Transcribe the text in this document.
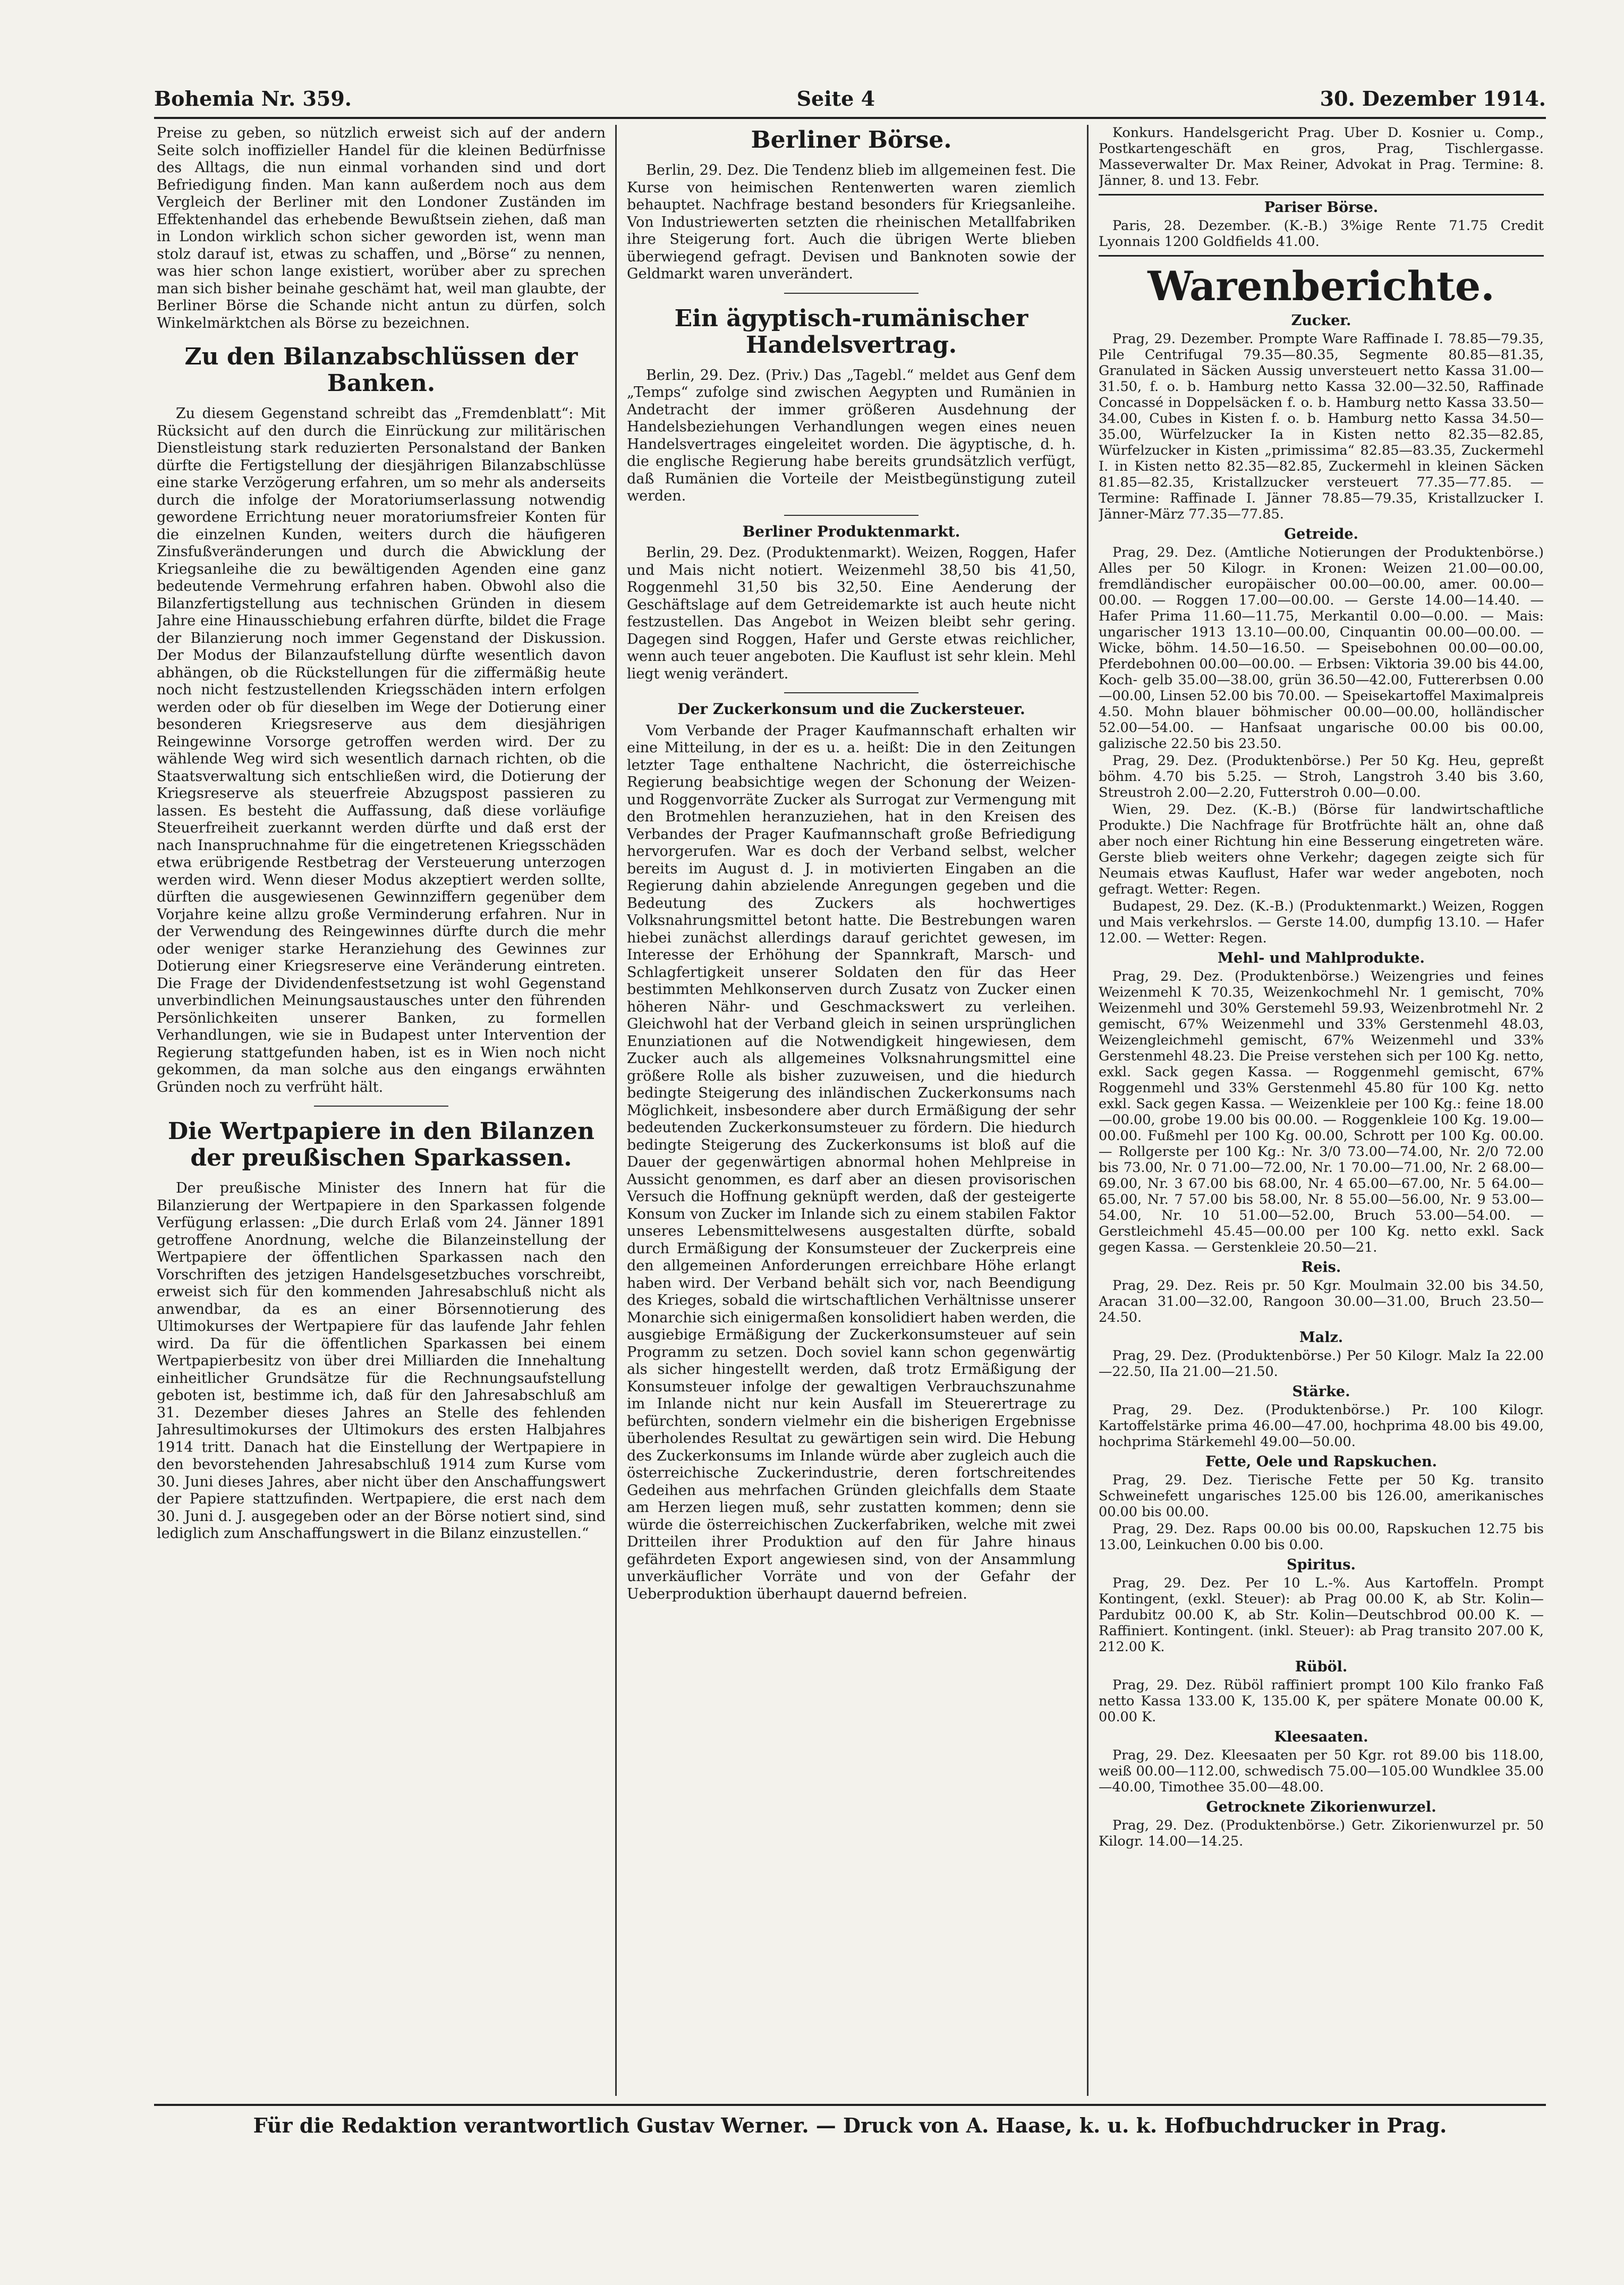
Bohemia Nr. 359.	Seite 4	30. Dezember 1914.

Preise zu geben, so nützlich erweist sich auf der andern Seite solch inoffizieller Handel für die kleinen Bedürfnisse des Alltags, die nun einmal vorhanden sind und dort Befriedigung finden. Man kann außerdem noch aus dem Vergleich der Berliner mit den Londoner Zuständen im Effektenhandel das erhebende Bewußtsein ziehen, daß man in London wirklich schon sicher geworden ist, wenn man stolz darauf ist, etwas zu schaffen, und „Börse“ zu nennen, was hier schon lange existiert, worüber aber zu sprechen man sich bisher beinahe geschämt hat, weil man glaubte, der Berliner Börse die Schande nicht antun zu dürfen, solch Winkelmärktchen als Börse zu bezeichnen.

Zu den Bilanzabschlüssen der Banken.

Zu diesem Gegenstand schreibt das „Fremdenblatt“: Mit Rücksicht auf den durch die Einrückung zur militärischen Dienstleistung stark reduzierten Personalstand der Banken dürfte die Fertigstellung der diesjährigen Bilanzabschlüsse eine starke Verzögerung erfahren, um so mehr als anderseits durch die infolge der Moratoriumserlassung notwendig gewordene Errichtung neuer moratoriumsfreier Konten für die einzelnen Kunden, weiters durch die häufigeren Zinsfußveränderungen und durch die Abwicklung der Kriegsanleihe die zu bewältigenden Agenden eine ganz bedeutende Vermehrung erfahren haben. Obwohl also die Bilanzfertigstellung aus technischen Gründen in diesem Jahre eine Hinausschiebung erfahren dürfte, bildet die Frage der Bilanzierung noch immer Gegenstand der Diskussion. Der Modus der Bilanzaufstellung dürfte wesentlich davon abhängen, ob die Rückstellungen für die ziffermäßig heute noch nicht festzustellenden Kriegsschäden intern erfolgen werden oder ob für dieselben im Wege der Dotierung einer besonderen Kriegsreserve aus dem diesjährigen Reingewinne Vorsorge getroffen werden wird. Der zu wählende Weg wird sich wesentlich darnach richten, ob die Staatsverwaltung sich entschließen wird, die Dotierung der Kriegsreserve als steuerfreie Abzugspost passieren zu lassen. Es besteht die Auffassung, daß diese vorläufige Steuerfreiheit zuerkannt werden dürfte und daß erst der nach Inanspruchnahme für die eingetretenen Kriegsschäden etwa erübrigende Restbetrag der Versteuerung unterzogen werden wird. Wenn dieser Modus akzeptiert werden sollte, dürften die ausgewiesenen Gewinnziffern gegenüber dem Vorjahre keine allzu große Verminderung erfahren. Nur in der Verwendung des Reingewinnes dürfte durch die mehr oder weniger starke Heranziehung des Gewinnes zur Dotierung einer Kriegsreserve eine Veränderung eintreten. Die Frage der Dividendenfestsetzung ist wohl Gegenstand unverbindlichen Meinungsaustausches unter den führenden Persönlichkeiten unserer Banken, zu formellen Verhandlungen, wie sie in Budapest unter Intervention der Regierung stattgefunden haben, ist es in Wien noch nicht gekommen, da man solche aus den eingangs erwähnten Gründen noch zu verfrüht hält.

Die Wertpapiere in den Bilanzen der preußischen Sparkassen.

Der preußische Minister des Innern hat für die Bilanzierung der Wertpapiere in den Sparkassen folgende Verfügung erlassen: „Die durch Erlaß vom 24. Jänner 1891 getroffene Anordnung, welche die Bilanzeinstellung der Wertpapiere der öffentlichen Sparkassen nach den Vorschriften des jetzigen Handelsgesetzbuches vorschreibt, erweist sich für den kommenden Jahresabschluß nicht als anwendbar, da es an einer Börsennotierung des Ultimokurses der Wertpapiere für das laufende Jahr fehlen wird. Da für die öffentlichen Sparkassen bei einem Wertpapierbesitz von über drei Milliarden die Innehaltung einheitlicher Grundsätze für die Rechnungsaufstellung geboten ist, bestimme ich, daß für den Jahresabschluß am 31. Dezember dieses Jahres an Stelle des fehlenden Jahresultimokurses der Ultimokurs des ersten Halbjahres 1914 tritt. Danach hat die Einstellung der Wertpapiere in den bevorstehenden Jahresabschluß 1914 zum Kurse vom 30. Juni dieses Jahres, aber nicht über den Anschaffungswert der Papiere stattzufinden. Wertpapiere, die erst nach dem 30. Juni d. J. ausgegeben oder an der Börse notiert sind, sind lediglich zum Anschaffungswert in die Bilanz einzustellen.“

Berliner Börse.

Berlin, 29. Dez. Die Tendenz blieb im allgemeinen fest. Die Kurse von heimischen Rentenwerten waren ziemlich behauptet. Nachfrage bestand besonders für Kriegsanleihe. Von Industriewerten setzten die rheinischen Metallfabriken ihre Steigerung fort. Auch die übrigen Werte blieben überwiegend gefragt. Devisen und Banknoten sowie der Geldmarkt waren unverändert.

Ein ägyptisch-rumänischer Handelsvertrag.

Berlin, 29. Dez. (Priv.) Das „Tagebl.“ meldet aus Genf dem „Temps“ zufolge sind zwischen Aegypten und Rumänien in Andetracht der immer größeren Ausdehnung der Handelsbeziehungen Verhandlungen wegen eines neuen Handelsvertrages eingeleitet worden. Die ägyptische, d. h. die englische Regierung habe bereits grundsätzlich verfügt, daß Rumänien die Vorteile der Meistbegünstigung zuteil werden.

Berliner Produktenmarkt.

Berlin, 29. Dez. (Produktenmarkt). Weizen, Roggen, Hafer und Mais nicht notiert. Weizenmehl 38,50 bis 41,50, Roggenmehl 31,50 bis 32,50. Eine Aenderung der Geschäftslage auf dem Getreidemarkte ist auch heute nicht festzustellen. Das Angebot in Weizen bleibt sehr gering. Dagegen sind Roggen, Hafer und Gerste etwas reichlicher, wenn auch teuer angeboten. Die Kauflust ist sehr klein. Mehl liegt wenig verändert.

Der Zuckerkonsum und die Zuckersteuer.

Vom Verbande der Prager Kaufmannschaft erhalten wir eine Mitteilung, in der es u. a. heißt: Die in den Zeitungen letzter Tage enthaltene Nachricht, die österreichische Regierung beabsichtige wegen der Schonung der Weizen- und Roggenvorräte Zucker als Surrogat zur Vermengung mit den Brotmehlen heranzuziehen, hat in den Kreisen des Verbandes der Prager Kaufmannschaft große Befriedigung hervorgerufen. War es doch der Verband selbst, welcher bereits im August d. J. in motivierten Eingaben an die Regierung dahin abzielende Anregungen gegeben und die Bedeutung des Zuckers als hochwertiges Volksnahrungsmittel betont hatte. Die Bestrebungen waren hiebei zunächst allerdings darauf gerichtet gewesen, im Interesse der Erhöhung der Spannkraft, Marsch- und Schlagfertigkeit unserer Soldaten den für das Heer bestimmten Mehlkonserven durch Zusatz von Zucker einen höheren Nähr- und Geschmackswert zu verleihen. Gleichwohl hat der Verband gleich in seinen ursprünglichen Enunziationen auf die Notwendigkeit hingewiesen, dem Zucker auch als allgemeines Volksnahrungsmittel eine größere Rolle als bisher zuzuweisen, und die hiedurch bedingte Steigerung des inländischen Zuckerkonsums nach Möglichkeit, insbesondere aber durch Ermäßigung der sehr bedeutenden Zuckerkonsumsteuer zu fördern. Die hiedurch bedingte Steigerung des Zuckerkonsums ist bloß auf die Dauer der gegenwärtigen abnormal hohen Mehlpreise in Aussicht genommen, es darf aber an diesen provisorischen Versuch die Hoffnung geknüpft werden, daß der gesteigerte Konsum von Zucker im Inlande sich zu einem stabilen Faktor unseres Lebensmittelwesens ausgestalten dürfte, sobald durch Ermäßigung der Konsumsteuer der Zuckerpreis eine den allgemeinen Anforderungen erreichbare Höhe erlangt haben wird. Der Verband behält sich vor, nach Beendigung des Krieges, sobald die wirtschaftlichen Verhältnisse unserer Monarchie sich einigermaßen konsolidiert haben werden, die ausgiebige Ermäßigung der Zuckerkonsumsteuer auf sein Programm zu setzen. Doch soviel kann schon gegenwärtig als sicher hingestellt werden, daß trotz Ermäßigung der Konsumsteuer infolge der gewaltigen Verbrauchszunahme im Inlande nicht nur kein Ausfall im Steuerertrage zu befürchten, sondern vielmehr ein die bisherigen Ergebnisse überholendes Resultat zu gewärtigen sein wird. Die Hebung des Zuckerkonsums im Inlande würde aber zugleich auch die österreichische Zuckerindustrie, deren fortschreitendes Gedeihen aus mehrfachen Gründen gleichfalls dem Staate am Herzen liegen muß, sehr zustatten kommen; denn sie würde die österreichischen Zuckerfabriken, welche mit zwei Dritteilen ihrer Produktion auf den für Jahre hinaus gefährdeten Export angewiesen sind, von der Ansammlung unverkäuflicher Vorräte und von der Gefahr der Ueberproduktion überhaupt dauernd befreien.

Konkurs. Handelsgericht Prag. Uber D. Kosnier u. Comp., Postkartengeschäft en gros, Prag, Tischlergasse. Masseverwalter Dr. Max Reiner, Advokat in Prag. Termine: 8. Jänner, 8. und 13. Febr.

Pariser Börse.

Paris, 28. Dezember. (K.-B.) 3%ige Rente 71.75 Credit Lyonnais 1200 Goldfields 41.00.

Warenberichte.
Zucker.

Prag, 29. Dezember. Prompte Ware Raffinade I. 78.85—79.35, Pile Centrifugal 79.35—80.35, Segmente 80.85—81.35, Granulated in Säcken Aussig unversteuert netto Kassa 31.00—31.50, f. o. b. Hamburg netto Kassa 32.00—32.50, Raffinade Concassé in Doppelsäcken f. o. b. Hamburg netto Kassa 33.50—34.00, Cubes in Kisten f. o. b. Hamburg netto Kassa 34.50—35.00, Würfelzucker Ia in Kisten netto 82.35—82.85, Würfelzucker in Kisten „primissima“ 82.85—83.35, Zuckermehl I. in Kisten netto 82.35—82.85, Zuckermehl in kleinen Säcken 81.85—82.35, Kristallzucker versteuert 77.35—77.85. — Termine: Raffinade I. Jänner 78.85—79.35, Kristallzucker I. Jänner-März 77.35—77.85.

Getreide.

Prag, 29. Dez. (Amtliche Notierungen der Produktenbörse.) Alles per 50 Kilogr. in Kronen: Weizen 21.00—00.00, fremdländischer europäischer 00.00—00.00, amer. 00.00—00.00. — Roggen 17.00—00.00. — Gerste 14.00—14.40. — Hafer Prima 11.60—11.75, Merkantil 0.00—0.00. — Mais: ungarischer 1913 13.10—00.00, Cinquantin 00.00—00.00. — Wicke, böhm. 14.50—16.50. — Speisebohnen 00.00—00.00, Pferdebohnen 00.00—00.00. — Erbsen: Viktoria 39.00 bis 44.00, Koch- gelb 35.00—38.00, grün 36.50—42.00, Futtererbsen 0.00—00.00, Linsen 52.00 bis 70.00. — Speisekartoffel Maximalpreis 4.50. Mohn blauer böhmischer 00.00—00.00, holländischer 52.00—54.00. — Hanfsaat ungarische 00.00 bis 00.00, galizische 22.50 bis 23.50.

Prag, 29. Dez. (Produktenbörse.) Per 50 Kg. Heu, gepreßt böhm. 4.70 bis 5.25. — Stroh, Langstroh 3.40 bis 3.60, Streustroh 2.00—2.20, Futterstroh 0.00—0.00.

Wien, 29. Dez. (K.-B.) (Börse für landwirtschaftliche Produkte.) Die Nachfrage für Brotfrüchte hält an, ohne daß aber noch einer Richtung hin eine Besserung eingetreten wäre. Gerste blieb weiters ohne Verkehr; dagegen zeigte sich für Neumais etwas Kauflust, Hafer war weder angeboten, noch gefragt. Wetter: Regen.

Budapest, 29. Dez. (K.-B.) (Produktenmarkt.) Weizen, Roggen und Mais verkehrslos. — Gerste 14.00, dumpfig 13.10. — Hafer 12.00. — Wetter: Regen.

Mehl- und Mahlprodukte.

Prag, 29. Dez. (Produktenbörse.) Weizengries und feines Weizenmehl K 70.35, Weizenkochmehl Nr. 1 gemischt, 70% Weizenmehl und 30% Gerstemehl 59.93, Weizenbrotmehl Nr. 2 gemischt, 67% Weizenmehl und 33% Gerstenmehl 48.03, Weizengleichmehl gemischt, 67% Weizenmehl und 33% Gerstenmehl 48.23. Die Preise verstehen sich per 100 Kg. netto, exkl. Sack gegen Kassa. — Roggenmehl gemischt, 67% Roggenmehl und 33% Gerstenmehl 45.80 für 100 Kg. netto exkl. Sack gegen Kassa. — Weizenkleie per 100 Kg.: feine 18.00—00.00, grobe 19.00 bis 00.00. — Roggenkleie 100 Kg. 19.00—00.00. Fußmehl per 100 Kg. 00.00, Schrott per 100 Kg. 00.00. — Rollgerste per 100 Kg.: Nr. 3/0 73.00—74.00, Nr. 2/0 72.00 bis 73.00, Nr. 0 71.00—72.00, Nr. 1 70.00—71.00, Nr. 2 68.00—69.00, Nr. 3 67.00 bis 68.00, Nr. 4 65.00—67.00, Nr. 5 64.00—65.00, Nr. 7 57.00 bis 58.00, Nr. 8 55.00—56.00, Nr. 9 53.00—54.00, Nr. 10 51.00—52.00, Bruch 53.00—54.00. — Gerstleichmehl 45.45—00.00 per 100 Kg. netto exkl. Sack gegen Kassa. — Gerstenkleie 20.50—21.

Reis.

Prag, 29. Dez. Reis pr. 50 Kgr. Moulmain 32.00 bis 34.50, Aracan 31.00—32.00, Rangoon 30.00—31.00, Bruch 23.50—24.50.

Malz.

Prag, 29. Dez. (Produktenbörse.) Per 50 Kilogr. Malz Ia 22.00—22.50, IIa 21.00—21.50.

Stärke.

Prag, 29. Dez. (Produktenbörse.) Pr. 100 Kilogr. Kartoffelstärke prima 46.00—47.00, hochprima 48.00 bis 49.00, hochprima Stärkemehl 49.00—50.00.

Fette, Oele und Rapskuchen.

Prag, 29. Dez. Tierische Fette per 50 Kg. transito Schweinefett ungarisches 125.00 bis 126.00, amerikanisches 00.00 bis 00.00.

Prag, 29. Dez. Raps 00.00 bis 00.00, Rapskuchen 12.75 bis 13.00, Leinkuchen 0.00 bis 0.00.

Spiritus.

Prag, 29. Dez. Per 10 L.-%. Aus Kartoffeln. Prompt Kontingent, (exkl. Steuer): ab Prag 00.00 K, ab Str. Kolin—Pardubitz 00.00 K, ab Str. Kolin—Deutschbrod 00.00 K. — Raffiniert. Kontingent. (inkl. Steuer): ab Prag transito 207.00 K, 212.00 K.

Rüböl.

Prag, 29. Dez. Rüböl raffiniert prompt 100 Kilo franko Faß netto Kassa 133.00 K, 135.00 K, per spätere Monate 00.00 K, 00.00 K.

Kleesaaten.

Prag, 29. Dez. Kleesaaten per 50 Kgr. rot 89.00 bis 118.00, weiß 00.00—112.00, schwedisch 75.00—105.00 Wundklee 35.00—40.00, Timothee 35.00—48.00.

Getrocknete Zikorienwurzel.

Prag, 29. Dez. (Produktenbörse.) Getr. Zikorienwurzel pr. 50 Kilogr. 14.00—14.25.

Für die Redaktion verantwortlich Gustav Werner. — Druck von A. Haase, k. u. k. Hofbuchdrucker in Prag.
